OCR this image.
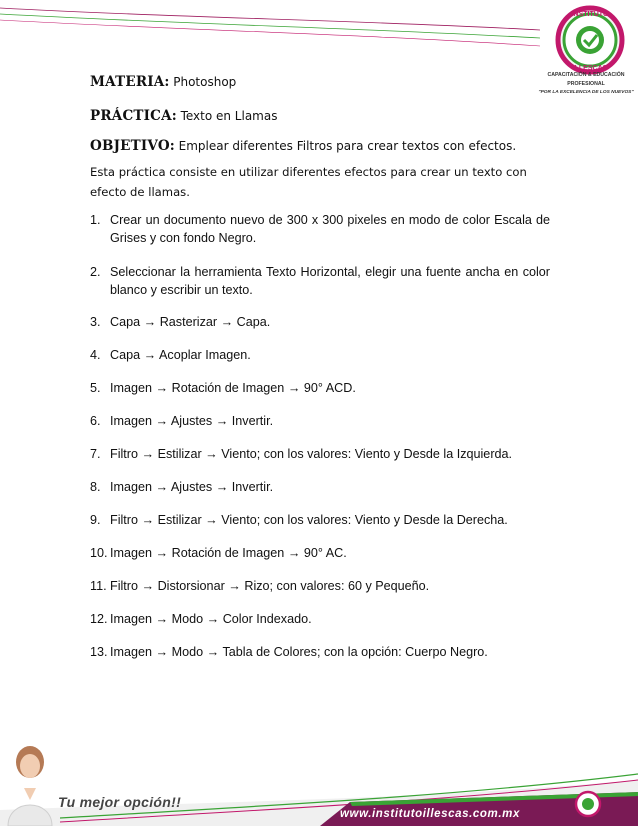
INSTITUTO
ILLESCAS
CAPACITACIÓN & EDUCACIÓN
PROFESIONAL
"POR LA EXCELENCIA DE LOS NUEVOS"
MATERIA: Photoshop
PRÁCTICA: Texto en Llamas
OBJETIVO: Emplear diferentes Filtros para crear textos con efectos.

Esta práctica consiste en utilizar diferentes efectos para crear un texto con efecto de llamas.

1. Crear un documento nuevo de 300 x 300 pixeles en modo de color Escala de Grises y con fondo Negro.
2. Seleccionar la herramienta Texto Horizontal, elegir una fuente ancha en color blanco y escribir un texto.
3. Capa → Rasterizar → Capa.
4. Capa → Acoplar Imagen.
5. Imagen → Rotación de Imagen → 90° ACD.
6. Imagen → Ajustes → Invertir.
7. Filtro → Estilizar → Viento; con los valores: Viento y Desde la Izquierda.
8. Imagen → Ajustes → Invertir.
9. Filtro → Estilizar → Viento; con los valores: Viento y Desde la Derecha.
10. Imagen → Rotación de Imagen → 90° AC.
11. Filtro → Distorsionar → Rizo; con valores: 60 y Pequeño.
12. Imagen → Modo → Color Indexado.
13. Imagen → Modo → Tabla de Colores; con la opción: Cuerpo Negro.
Tu mejor opción!!
www.institutoillescas.com.mx
